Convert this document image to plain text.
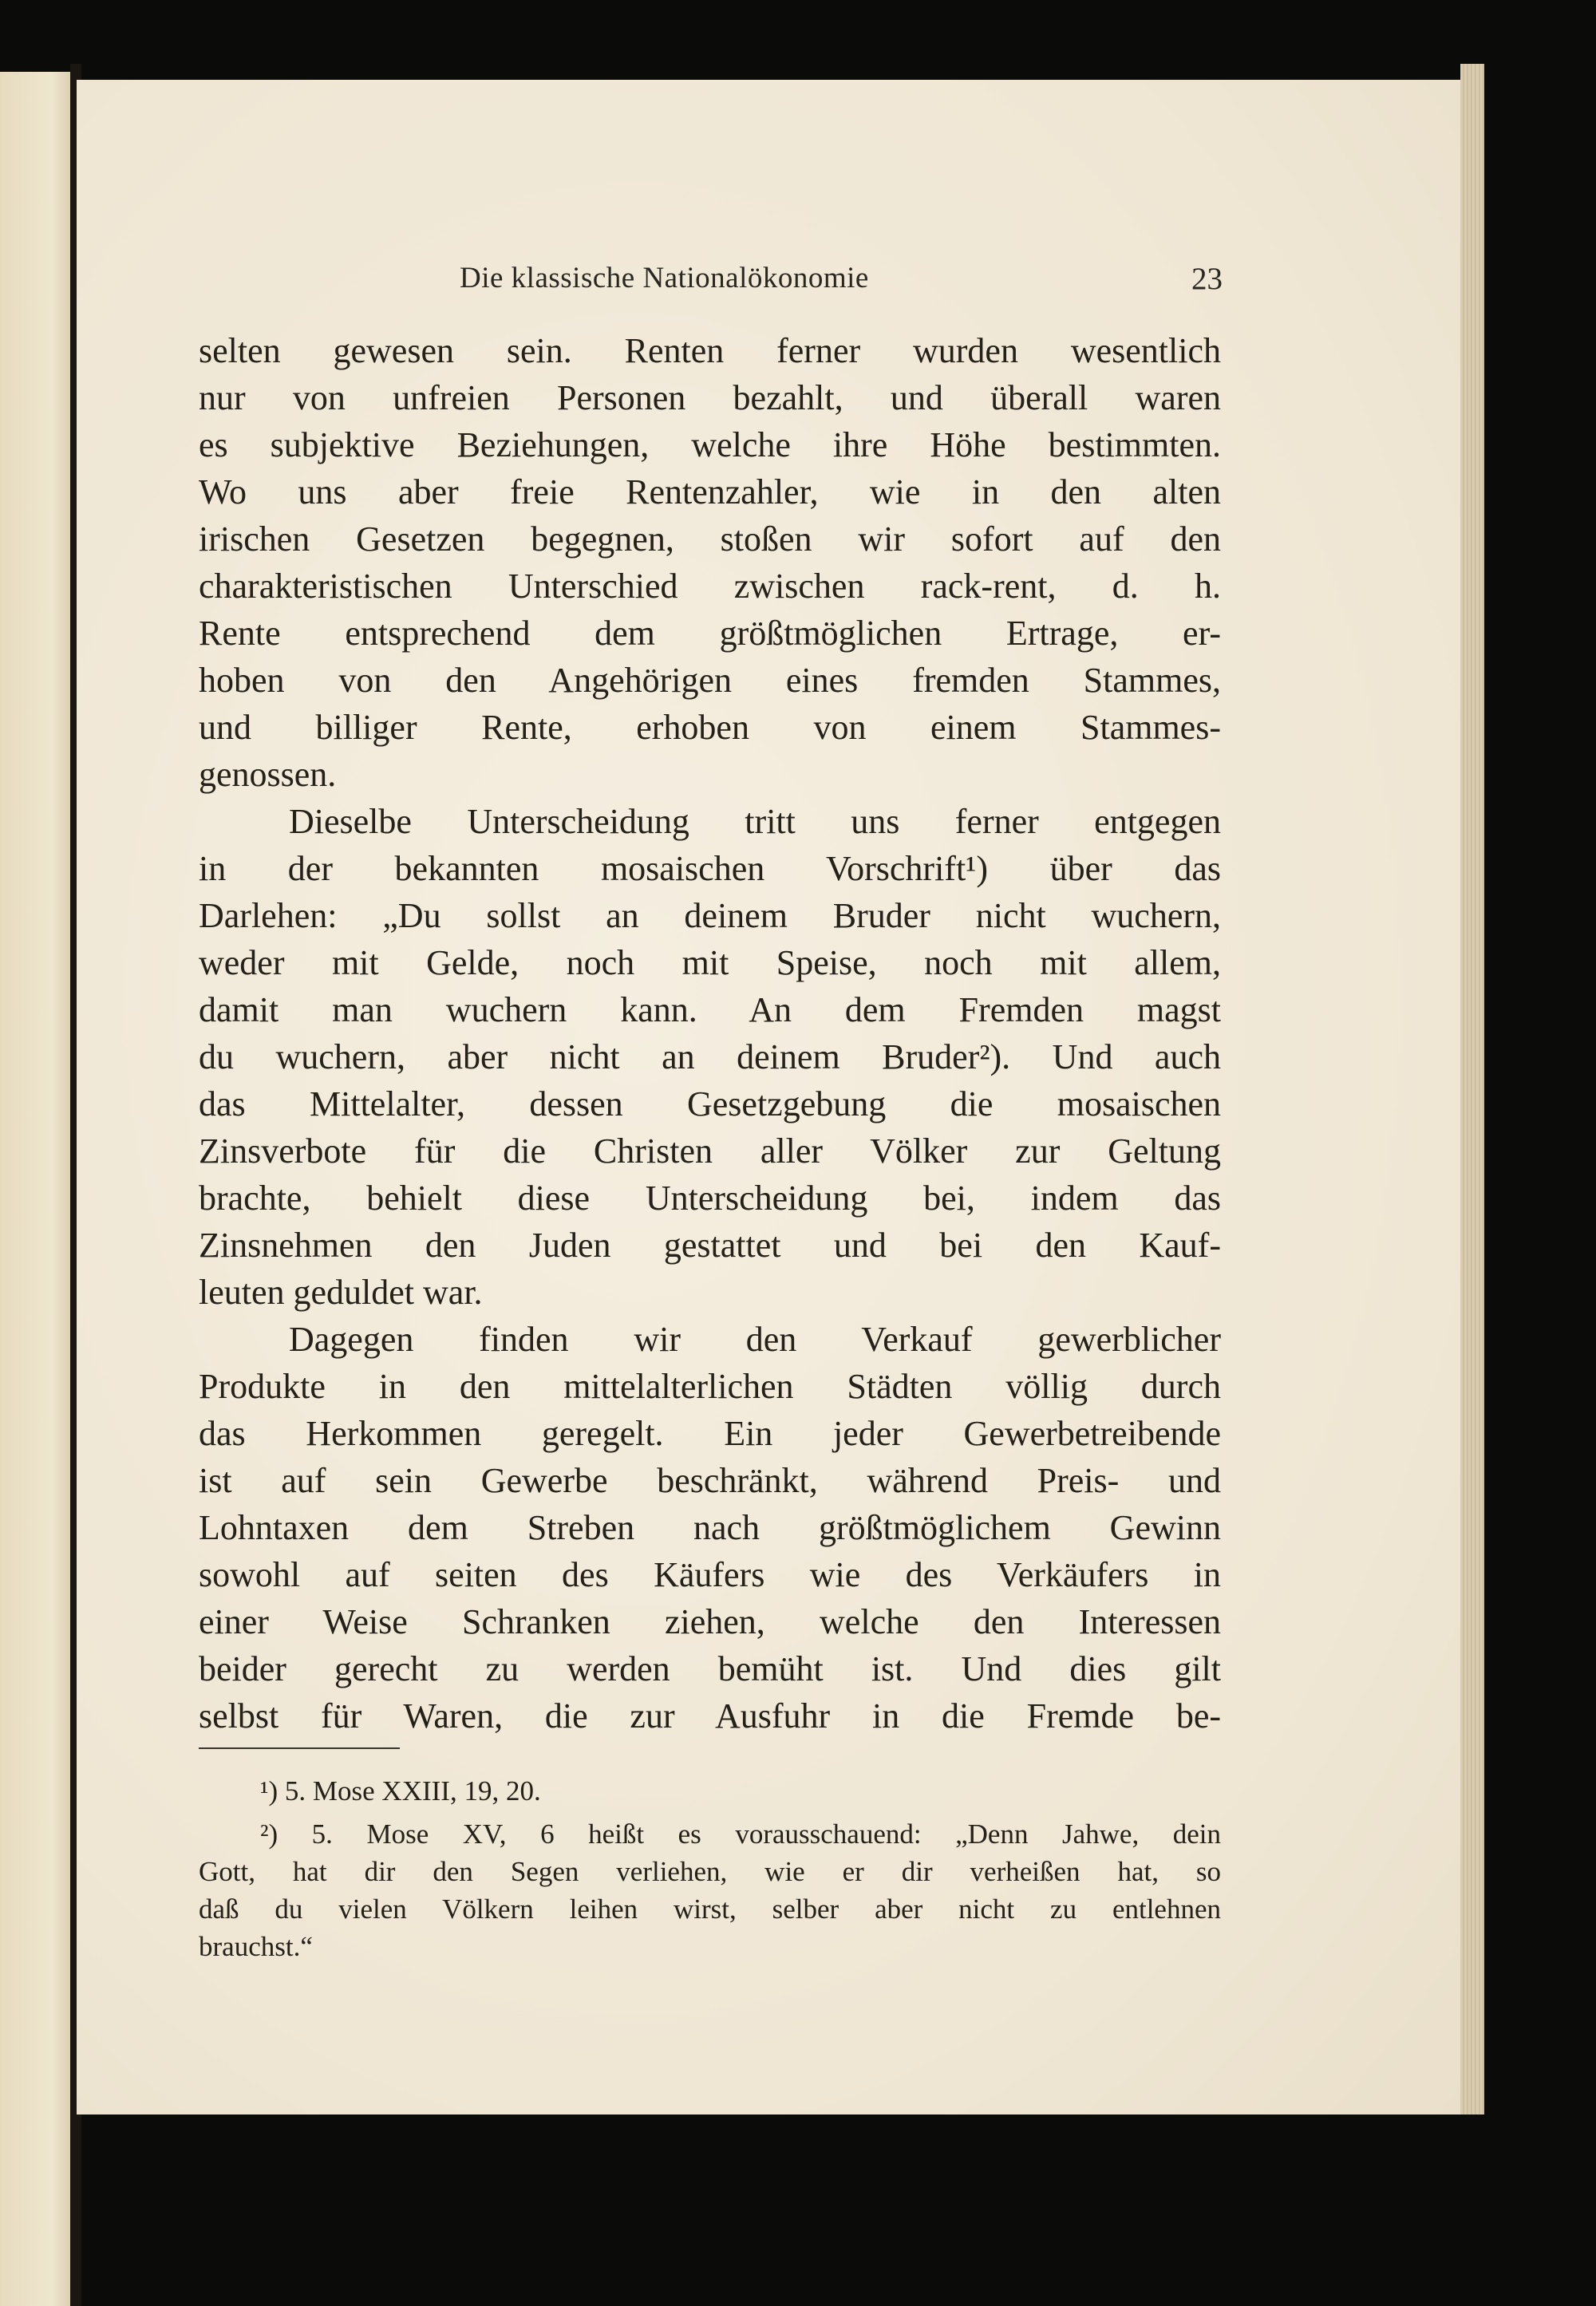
Die klassische Nationalökonomie	23
selten gewesen sein. Renten ferner wurden wesentlich
nur von unfreien Personen bezahlt, und überall waren
es subjektive Beziehungen, welche ihre Höhe bestimmten.
Wo uns aber freie Rentenzahler, wie in den alten
irischen Gesetzen begegnen, stoßen wir sofort auf den
charakteristischen Unterschied zwischen rack-rent, d. h.
Rente entsprechend dem größtmöglichen Ertrage, er-
hoben von den Angehörigen eines fremden Stammes,
und billiger Rente, erhoben von einem Stammes-
genossen.
Dieselbe Unterscheidung tritt uns ferner entgegen
in der bekannten mosaischen Vorschrift¹) über das
Darlehen: „Du sollst an deinem Bruder nicht wuchern,
weder mit Gelde, noch mit Speise, noch mit allem,
damit man wuchern kann. An dem Fremden magst
du wuchern, aber nicht an deinem Bruder²). Und auch
das Mittelalter, dessen Gesetzgebung die mosaischen
Zinsverbote für die Christen aller Völker zur Geltung
brachte, behielt diese Unterscheidung bei, indem das
Zinsnehmen den Juden gestattet und bei den Kauf-
leuten geduldet war.
Dagegen finden wir den Verkauf gewerblicher
Produkte in den mittelalterlichen Städten völlig durch
das Herkommen geregelt. Ein jeder Gewerbetreibende
ist auf sein Gewerbe beschränkt, während Preis- und
Lohntaxen dem Streben nach größtmöglichem Gewinn
sowohl auf seiten des Käufers wie des Verkäufers in
einer Weise Schranken ziehen, welche den Interessen
beider gerecht zu werden bemüht ist. Und dies gilt
selbst für Waren, die zur Ausfuhr in die Fremde be-
¹) 5. Mose XXIII, 19, 20.
²) 5. Mose XV, 6 heißt es vorausschauend: „Denn Jahwe, dein
Gott, hat dir den Segen verliehen, wie er dir verheißen hat, so
daß du vielen Völkern leihen wirst, selber aber nicht zu entlehnen
brauchst.“
